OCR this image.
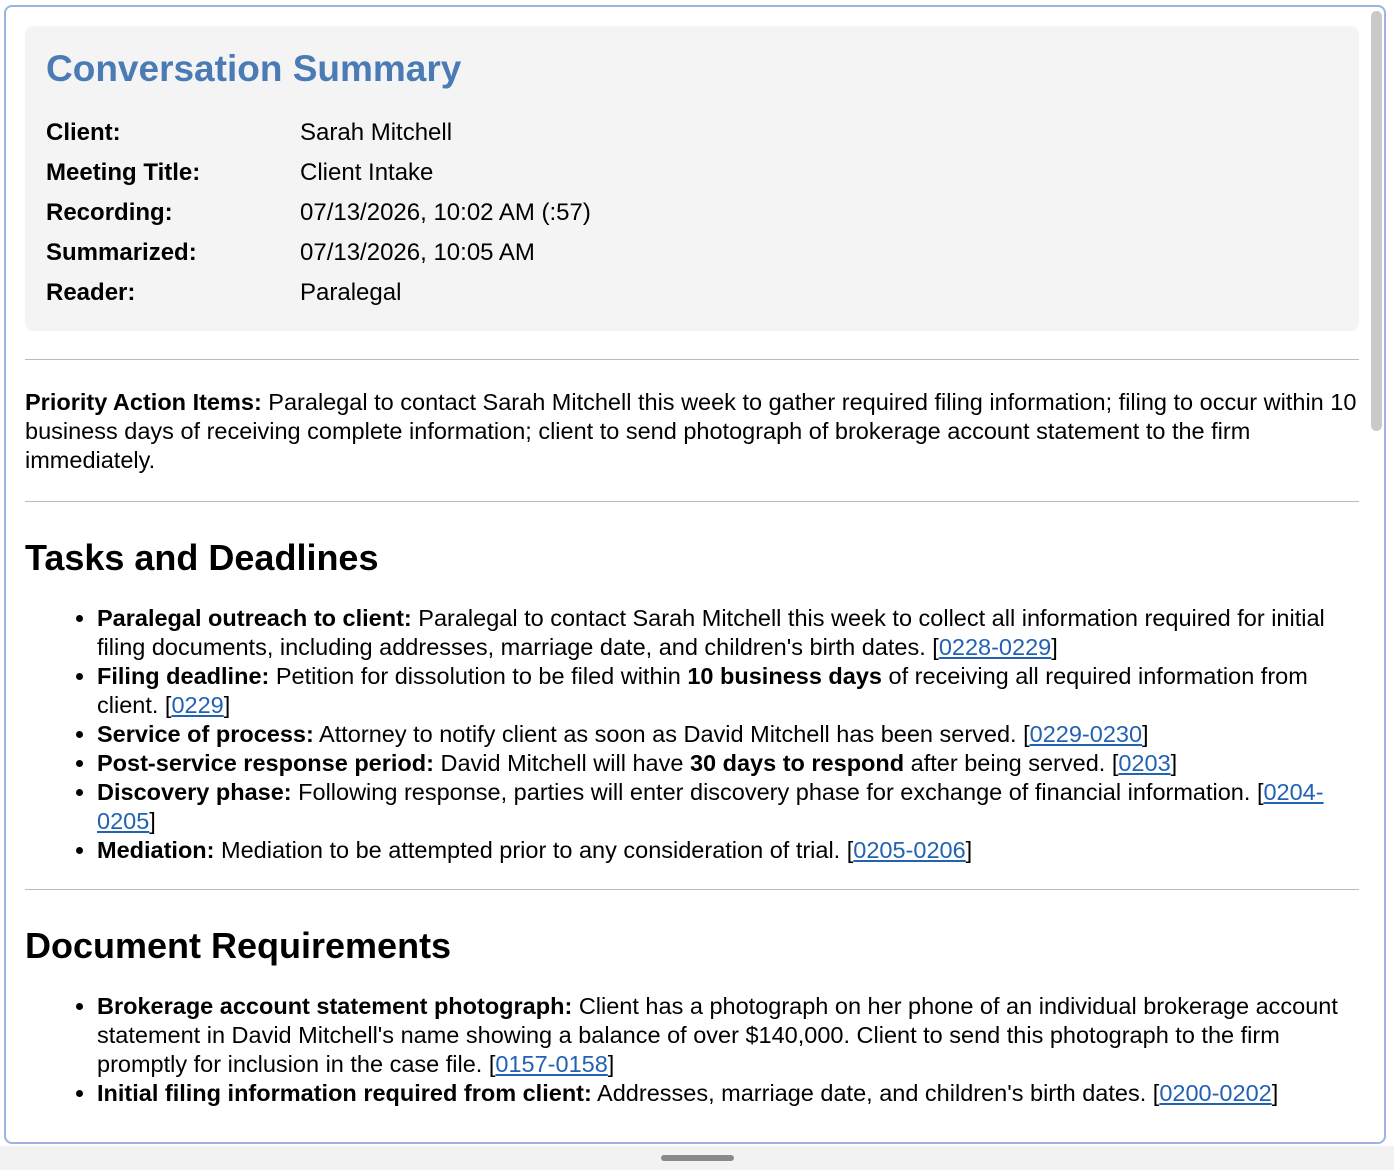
Conversation Summary
Client:	Sarah Mitchell
Meeting Title:	Client Intake
Recording:	07/13/2026, 10:02 AM (:57)
Summarized:	07/13/2026, 10:05 AM
Reader:	Paralegal

Priority Action Items: Paralegal to contact Sarah Mitchell this week to gather required filing information; filing to occur within 10 business days of receiving complete information; client to send photograph of brokerage account statement to the firm immediately.

Tasks and Deadlines
• Paralegal outreach to client: Paralegal to contact Sarah Mitchell this week to collect all information required for initial filing documents, including addresses, marriage date, and children's birth dates. [0228-0229]
• Filing deadline: Petition for dissolution to be filed within 10 business days of receiving all required information from client. [0229]
• Service of process: Attorney to notify client as soon as David Mitchell has been served. [0229-0230]
• Post-service response period: David Mitchell will have 30 days to respond after being served. [0203]
• Discovery phase: Following response, parties will enter discovery phase for exchange of financial information. [0204-0205]
• Mediation: Mediation to be attempted prior to any consideration of trial. [0205-0206]
Document Requirements
• Brokerage account statement photograph: Client has a photograph on her phone of an individual brokerage account statement in David Mitchell's name showing a balance of over $140,000. Client to send this photograph to the firm promptly for inclusion in the case file. [0157-0158]
• Initial filing information required from client: Addresses, marriage date, and children's birth dates. [0200-0202]
